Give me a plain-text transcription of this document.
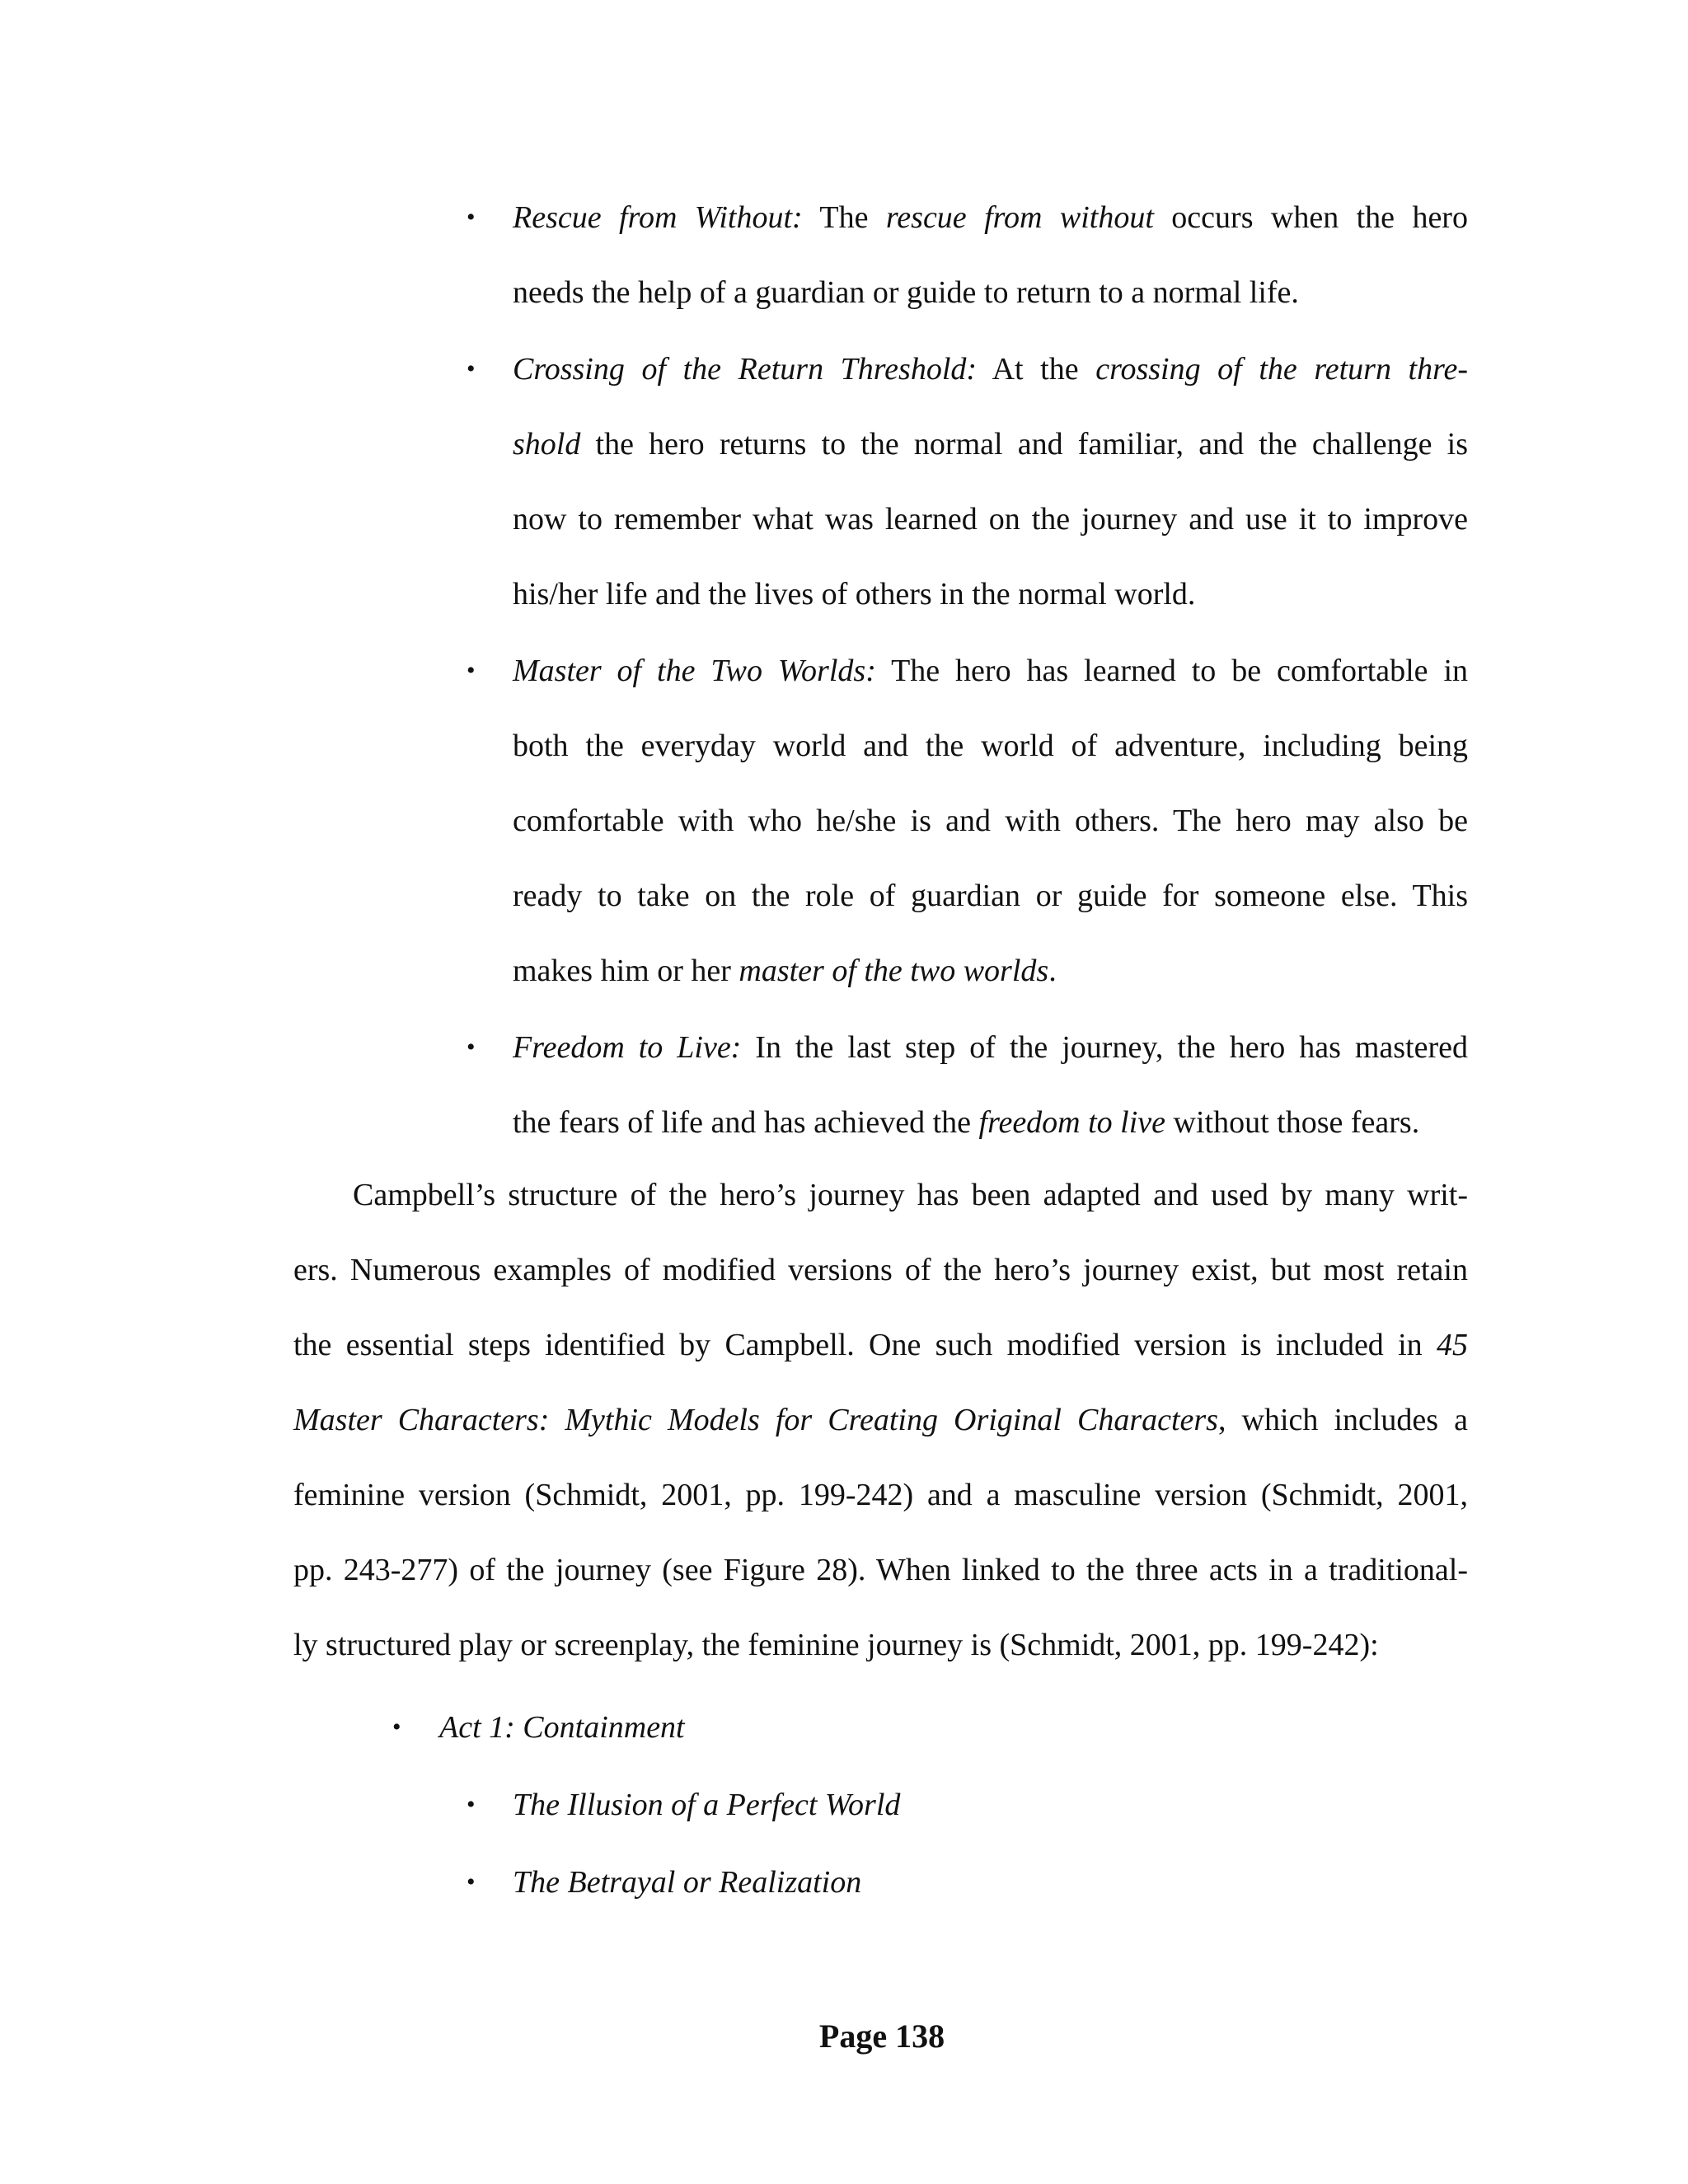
• Rescue from Without: The rescue from without occurs when the hero
needs the help of a guardian or guide to return to a normal life.
• Crossing of the Return Threshold: At the crossing of the return thre-
shold the hero returns to the normal and familiar, and the challenge is
now to remember what was learned on the journey and use it to improve
his/her life and the lives of others in the normal world.
• Master of the Two Worlds: The hero has learned to be comfortable in
both the everyday world and the world of adventure, including being
comfortable with who he/she is and with others. The hero may also be
ready to take on the role of guardian or guide for someone else. This
makes him or her master of the two worlds.
• Freedom to Live: In the last step of the journey, the hero has mastered
the fears of life and has achieved the freedom to live without those fears.
Campbell’s structure of the hero’s journey has been adapted and used by many writ-
ers. Numerous examples of modified versions of the hero’s journey exist, but most retain
the essential steps identified by Campbell. One such modified version is included in 45
Master Characters: Mythic Models for Creating Original Characters, which includes a
feminine version (Schmidt, 2001, pp. 199-242) and a masculine version (Schmidt, 2001,
pp. 243-277) of the journey (see Figure 28). When linked to the three acts in a traditional-
ly structured play or screenplay, the feminine journey is (Schmidt, 2001, pp. 199-242):
• Act 1: Containment
• The Illusion of a Perfect World
• The Betrayal or Realization
Page 138
